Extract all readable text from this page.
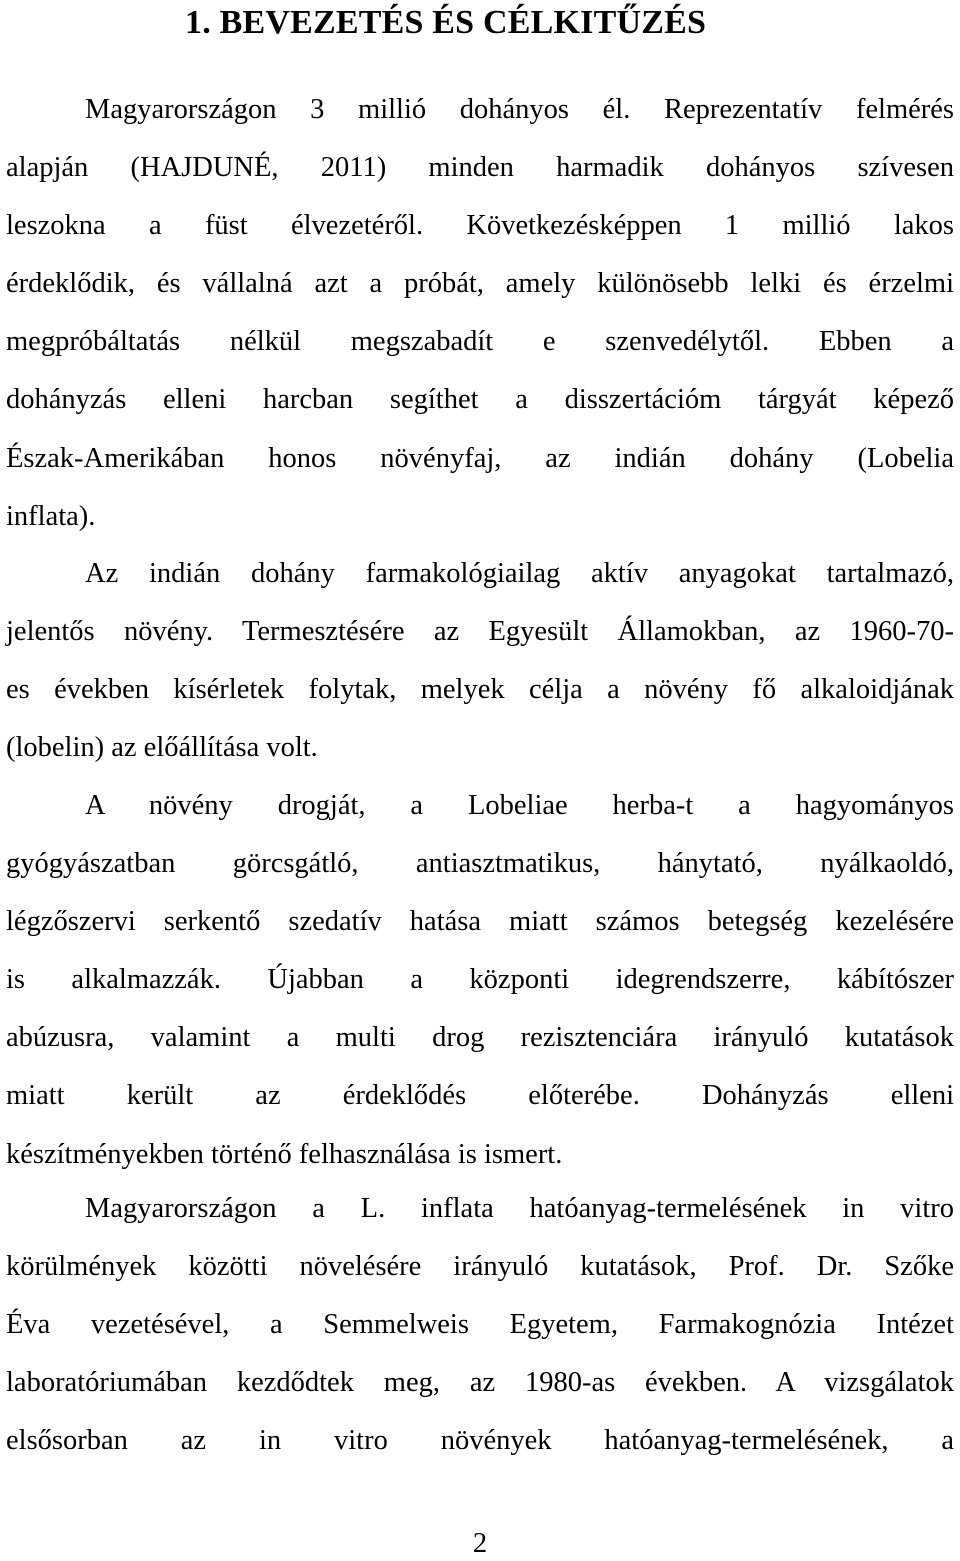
1. BEVEZETÉS ÉS CÉLKITŰZÉS
Magyarországon 3 millió dohányos él. Reprezentatív felmérés
alapján (HAJDUNÉ, 2011) minden harmadik dohányos szívesen
leszokna a füst élvezetéről. Következésképpen 1 millió lakos
érdeklődik, és vállalná azt a próbát, amely különösebb lelki és érzelmi
megpróbáltatás nélkül megszabadít e szenvedélytől. Ebben a
dohányzás elleni harcban segíthet a disszertációm tárgyát képező
Észak-Amerikában honos növényfaj, az indián dohány (Lobelia
inflata).
Az indián dohány farmakológiailag aktív anyagokat tartalmazó,
jelentős növény. Termesztésére az Egyesült Államokban, az 1960-70-
es években kísérletek folytak, melyek célja a növény fő alkaloidjának
(lobelin) az előállítása volt.
A növény drogját, a Lobeliae herba-t a hagyományos
gyógyászatban görcsgátló, antiasztmatikus, hánytató, nyálkaoldó,
légzőszervi serkentő szedatív hatása miatt számos betegség kezelésére
is alkalmazzák. Újabban a központi idegrendszerre, kábítószer
abúzusra, valamint a multi drog rezisztenciára irányuló kutatások
miatt került az érdeklődés előterébe. Dohányzás elleni
készítményekben történő felhasználása is ismert.
Magyarországon a L. inflata hatóanyag-termelésének in vitro
körülmények közötti növelésére irányuló kutatások, Prof. Dr. Szőke
Éva vezetésével, a Semmelweis Egyetem, Farmakognózia Intézet
laboratóriumában kezdődtek meg, az 1980-as években. A vizsgálatok
elsősorban az in vitro növények hatóanyag-termelésének, a
2
